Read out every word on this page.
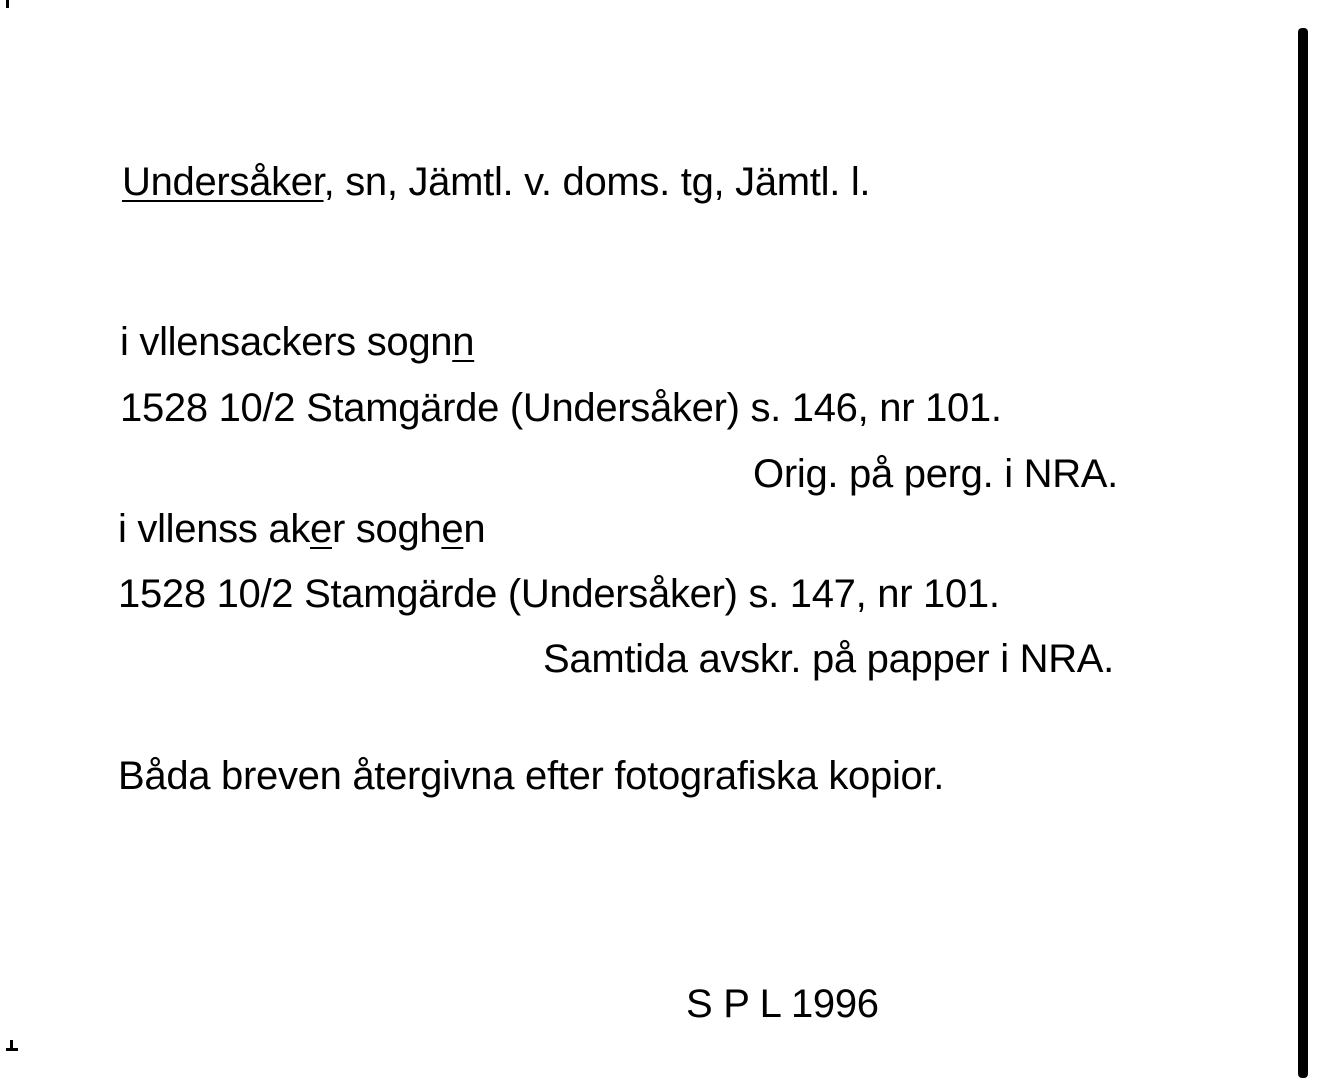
Undersåker, sn, Jämtl. v. doms. tg, Jämtl. l.
i vllensackers sognn
1528 10/2 Stamgärde (Undersåker) s. 146, nr 101.
Orig. på perg. i NRA.
i vllenss aker soghen
1528 10/2 Stamgärde (Undersåker) s. 147, nr 101.
Samtida avskr. på papper i NRA.
Båda breven återgivna efter fotografiska kopior.
S P L 1996
